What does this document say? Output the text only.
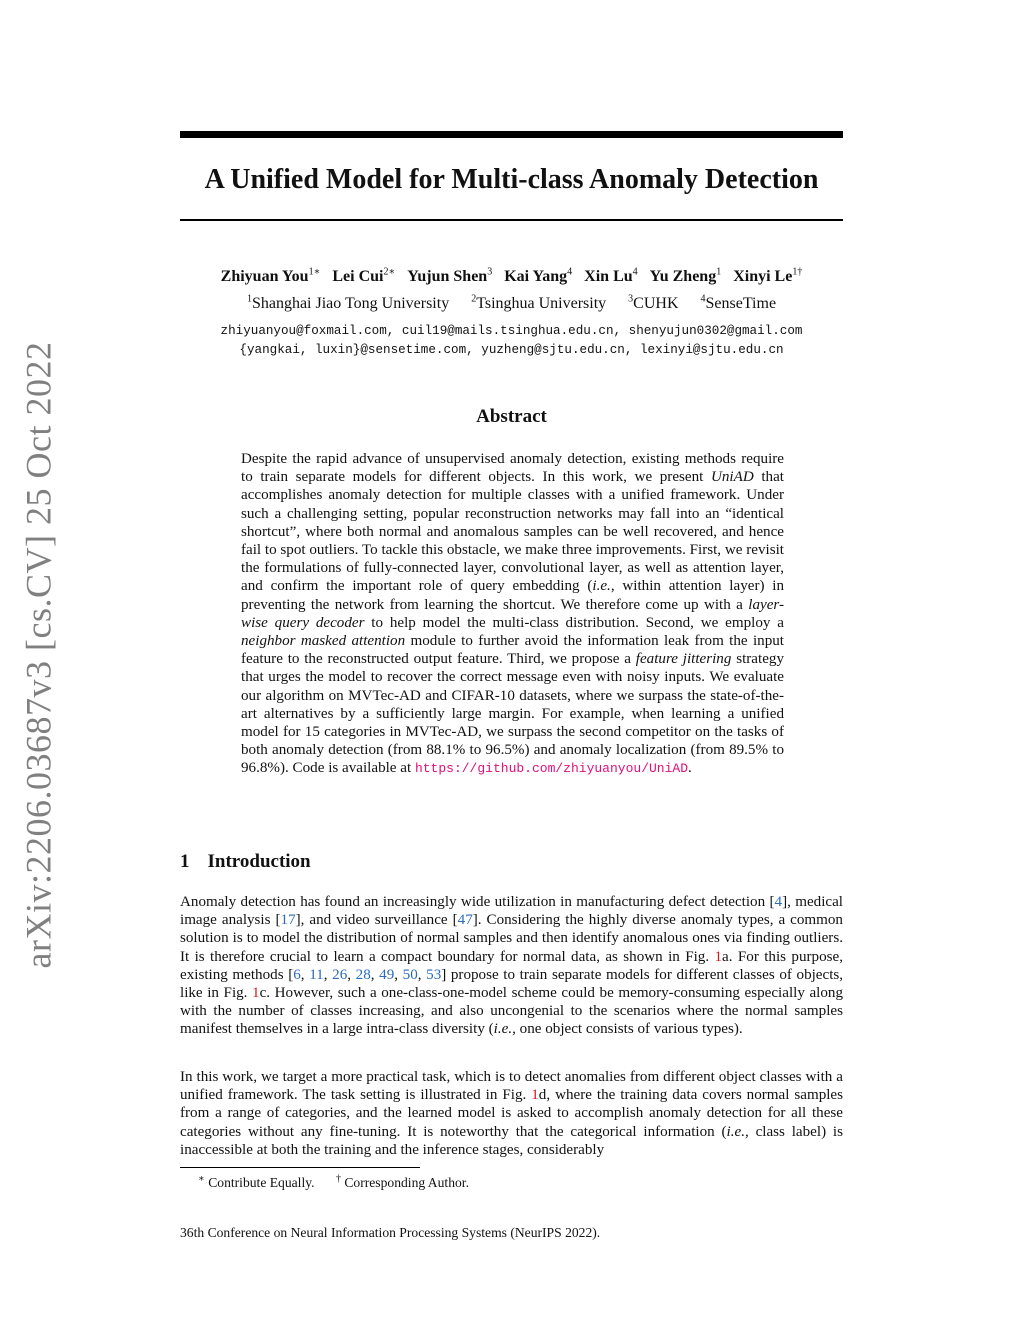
arXiv:2206.03687v3 [cs.CV] 25 Oct 2022
A Unified Model for Multi-class Anomaly Detection
Zhiyuan You$^{1∗}$ Lei Cui$^{2∗}$ Yujun Shen$^3$ Kai Yang$^4$ Xin Lu$^4$ Yu Zheng$^1$ Xinyi $Le^{1\dagger}$
$^1$Shanghai Jiao Tong University $^2$Tsinghua University $^3$CUHK $^4$SenseTime
zhiyuanyou@foxmail.com, cuil19@mails.tsinghua.edu.cn, shenyujun0302@gmail.com
{yangkai, luxin}@sensetime.com, yuzheng@sjtu.edu.cn, lexinyi@sjtu.edu.cn
Abstract

Despite the rapid advance of unsupervised anomaly detection, existing methods require to train separate models for different objects. In this work, we present UniAD that accomplishes anomaly detection for multiple classes with a unified framework. Under such a challenging setting, popular reconstruction networks may fall into an “identical shortcut”, where both normal and anomalous samples can be well recovered, and hence fail to spot outliers. To tackle this obstacle, we make three improvements. First, we revisit the formulations of fully-connected layer, convolutional layer, as well as attention layer, and confirm the important role of query embedding (i.e., within attention layer) in preventing the network from learning the shortcut. We therefore come up with a layer-wise query decoder to help model the multi-class distribution. Second, we employ a neighbor masked attention module to further avoid the information leak from the input feature to the reconstructed output feature. Third, we propose a feature jittering strategy that urges the model to recover the correct message even with noisy inputs. We evaluate our algorithm on MVTec-AD and CIFAR-10 datasets, where we surpass the state-of-the-art alternatives by a sufficiently large margin. For example, when learning a unified model for 15 categories in MVTec-AD, we surpass the second competitor on the tasks of both anomaly detection (from 88.1% to 96.5%) and anomaly localization (from 89.5% to 96.8%). Code is available at https://github.com/zhiyuanyou/UniAD.

1 Introduction

Anomaly detection has found an increasingly wide utilization in manufacturing defect detection [4], medical image analysis [17], and video surveillance [47]. Considering the highly diverse anomaly types, a common solution is to model the distribution of normal samples and then identify anomalous ones via finding outliers. It is therefore crucial to learn a compact boundary for normal data, as shown in Fig. 1a. For this purpose, existing methods [6, 11, 26, 28, 49, 50, 53] propose to train separate models for different classes of objects, like in Fig. 1c. However, such a one-class-one-model scheme could be memory-consuming especially along with the number of classes increasing, and also uncongenial to the scenarios where the normal samples manifest themselves in a large intra-class diversity (i.e., one object consists of various types).

In this work, we target a more practical task, which is to detect anomalies from different object classes with a unified framework. The task setting is illustrated in Fig. 1d, where the training data covers normal samples from a range of categories, and the learned model is asked to accomplish anomaly detection for all these categories without any fine-tuning. It is noteworthy that the categorical information (i.e., class label) is inaccessible at both the training and the inference stages, considerably

∗ Contribute Equally. † Corresponding Author.
36th Conference on Neural Information Processing Systems (NeurIPS 2022).
